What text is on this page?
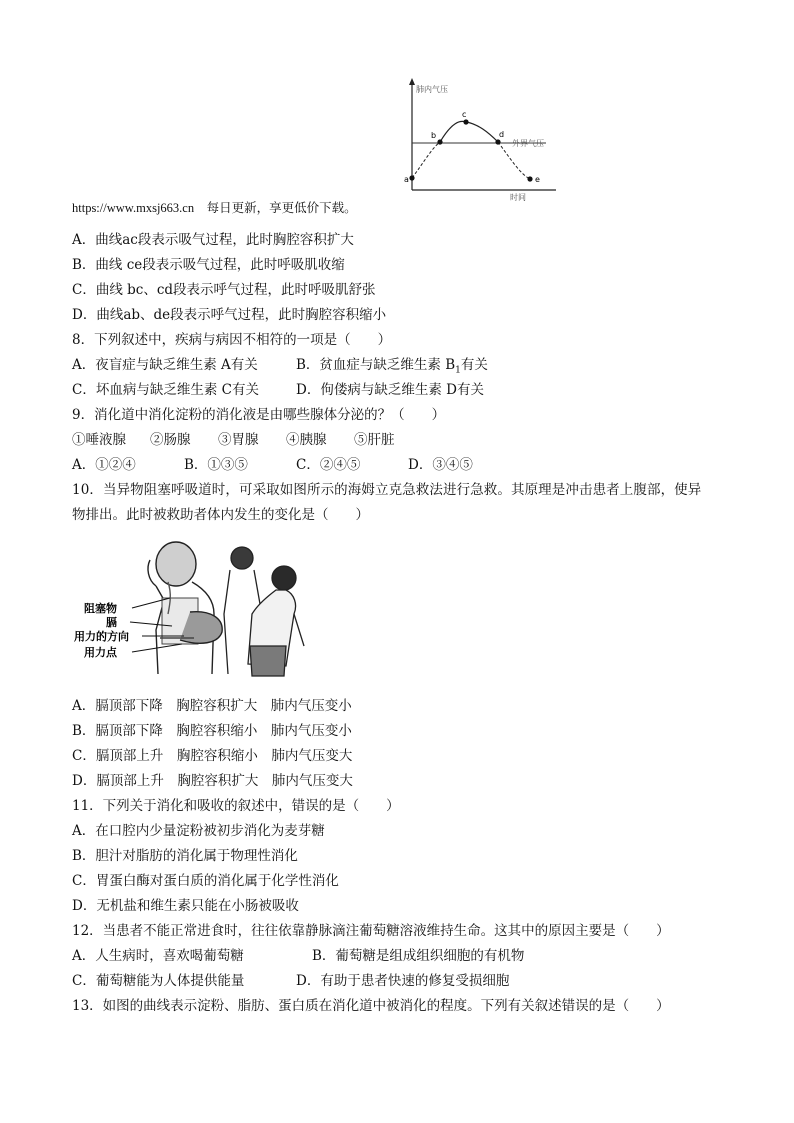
a
b
c
d
e
肺内气压
外界气压
时间
https://www.mxsj663.cn　每日更新，享更低价下载。
A．曲线ac段表示吸气过程，此时胸腔容积扩大
B．曲线 ce段表示吸气过程，此时呼吸肌收缩
C．曲线 bc、cd段表示呼气过程，此时呼吸肌舒张
D．曲线ab、de段表示呼气过程，此时胸腔容积缩小
8．下列叙述中，疾病与病因不相符的一项是（　　）
A．夜盲症与缺乏维生素 A有关	B．贫血症与缺乏维生素 $B_1$有关
C．坏血病与缺乏维生素 C有关	D．佝偻病与缺乏维生素 D有关
9．消化道中消化淀粉的消化液是由哪些腺体分泌的？（　　）
①唾液腺 ②肠腺 ③胃腺 ④胰腺 ⑤肝脏
A．①②④	B．①③⑤	C．②④⑤	D．③④⑤
10．当异物阻塞呼吸道时，可采取如图所示的海姆立克急救法进行急救。其原理是冲击患者上腹部，使异
物排出。此时被救助者体内发生的变化是（　　）
阻塞物
膈
用力的方向
用力点
A．膈顶部下降　胸腔容积扩大　肺内气压变小
B．膈顶部下降　胸腔容积缩小　肺内气压变小
C．膈顶部上升　胸腔容积缩小　肺内气压变大
D．膈顶部上升　胸腔容积扩大　肺内气压变大
11．下列关于消化和吸收的叙述中，错误的是（　　）
A．在口腔内少量淀粉被初步消化为麦芽糖
B．胆汁对脂肪的消化属于物理性消化
C．胃蛋白酶对蛋白质的消化属于化学性消化
D．无机盐和维生素只能在小肠被吸收
12．当患者不能正常进食时，往往依靠静脉滴注葡萄糖溶液维持生命。这其中的原因主要是（　　）
A．人生病时，喜欢喝葡萄糖	B．葡萄糖是组成组织细胞的有机物
C．葡萄糖能为人体提供能量	D．有助于患者快速的修复受损细胞
13．如图的曲线表示淀粉、脂肪、蛋白质在消化道中被消化的程度。下列有关叙述错误的是（　　）
